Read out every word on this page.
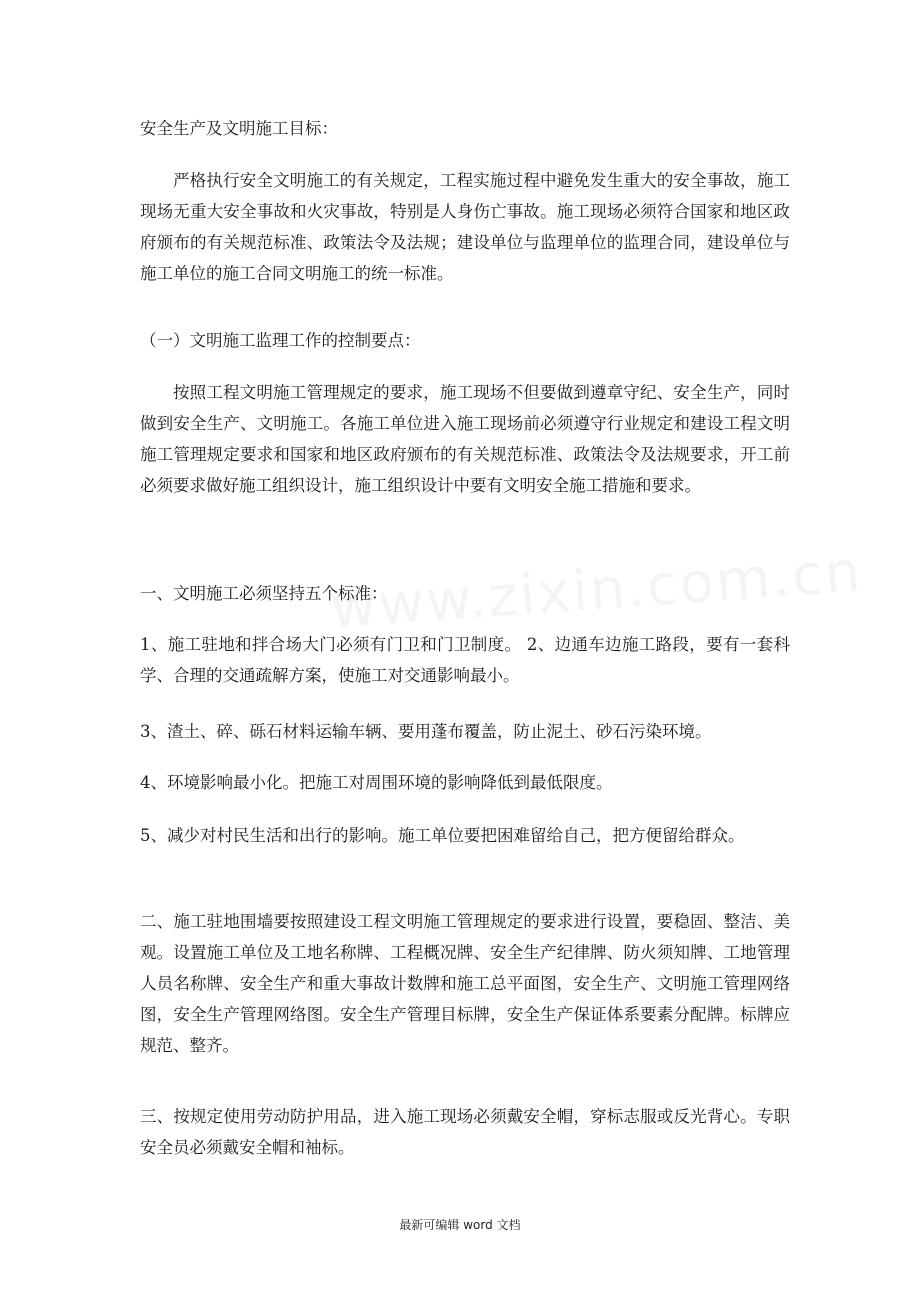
安全生产及文明施工目标：

严格执行安全文明施工的有关规定，工程实施过程中避免发生重大的安全事故，施工现场无重大安全事故和火灾事故，特别是人身伤亡事故。施工现场必须符合国家和地区政府颁布的有关规范标准、政策法令及法规；建设单位与监理单位的监理合同，建设单位与施工单位的施工合同文明施工的统一标准。

（一）文明施工监理工作的控制要点：

按照工程文明施工管理规定的要求，施工现场不但要做到遵章守纪、安全生产，同时做到安全生产、文明施工。各施工单位进入施工现场前必须遵守行业规定和建设工程文明施工管理规定要求和国家和地区政府颁布的有关规范标准、政策法令及法规要求，开工前必须要求做好施工组织设计，施工组织设计中要有文明安全施工措施和要求。

一、文明施工必须坚持五个标准：

1、施工驻地和拌合场大门必须有门卫和门卫制度。 2、边通车边施工路段，要有一套科学、合理的交通疏解方案，使施工对交通影响最小。

3、渣土、碎、砾石材料运输车辆、要用蓬布覆盖，防止泥土、砂石污染环境。

4、环境影响最小化。把施工对周围环境的影响降低到最低限度。

5、减少对村民生活和出行的影响。施工单位要把困难留给自己，把方便留给群众。

二、施工驻地围墙要按照建设工程文明施工管理规定的要求进行设置，要稳固、整洁、美观。设置施工单位及工地名称牌、工程概况牌、安全生产纪律牌、防火须知牌、工地管理人员名称牌、安全生产和重大事故计数牌和施工总平面图，安全生产、文明施工管理网络图，安全生产管理网络图。安全生产管理目标牌，安全生产保证体系要素分配牌。标牌应规范、整齐。

三、按规定使用劳动防护用品，进入施工现场必须戴安全帽，穿标志服或反光背心。专职安全员必须戴安全帽和袖标。

最新可编辑 word 文档
